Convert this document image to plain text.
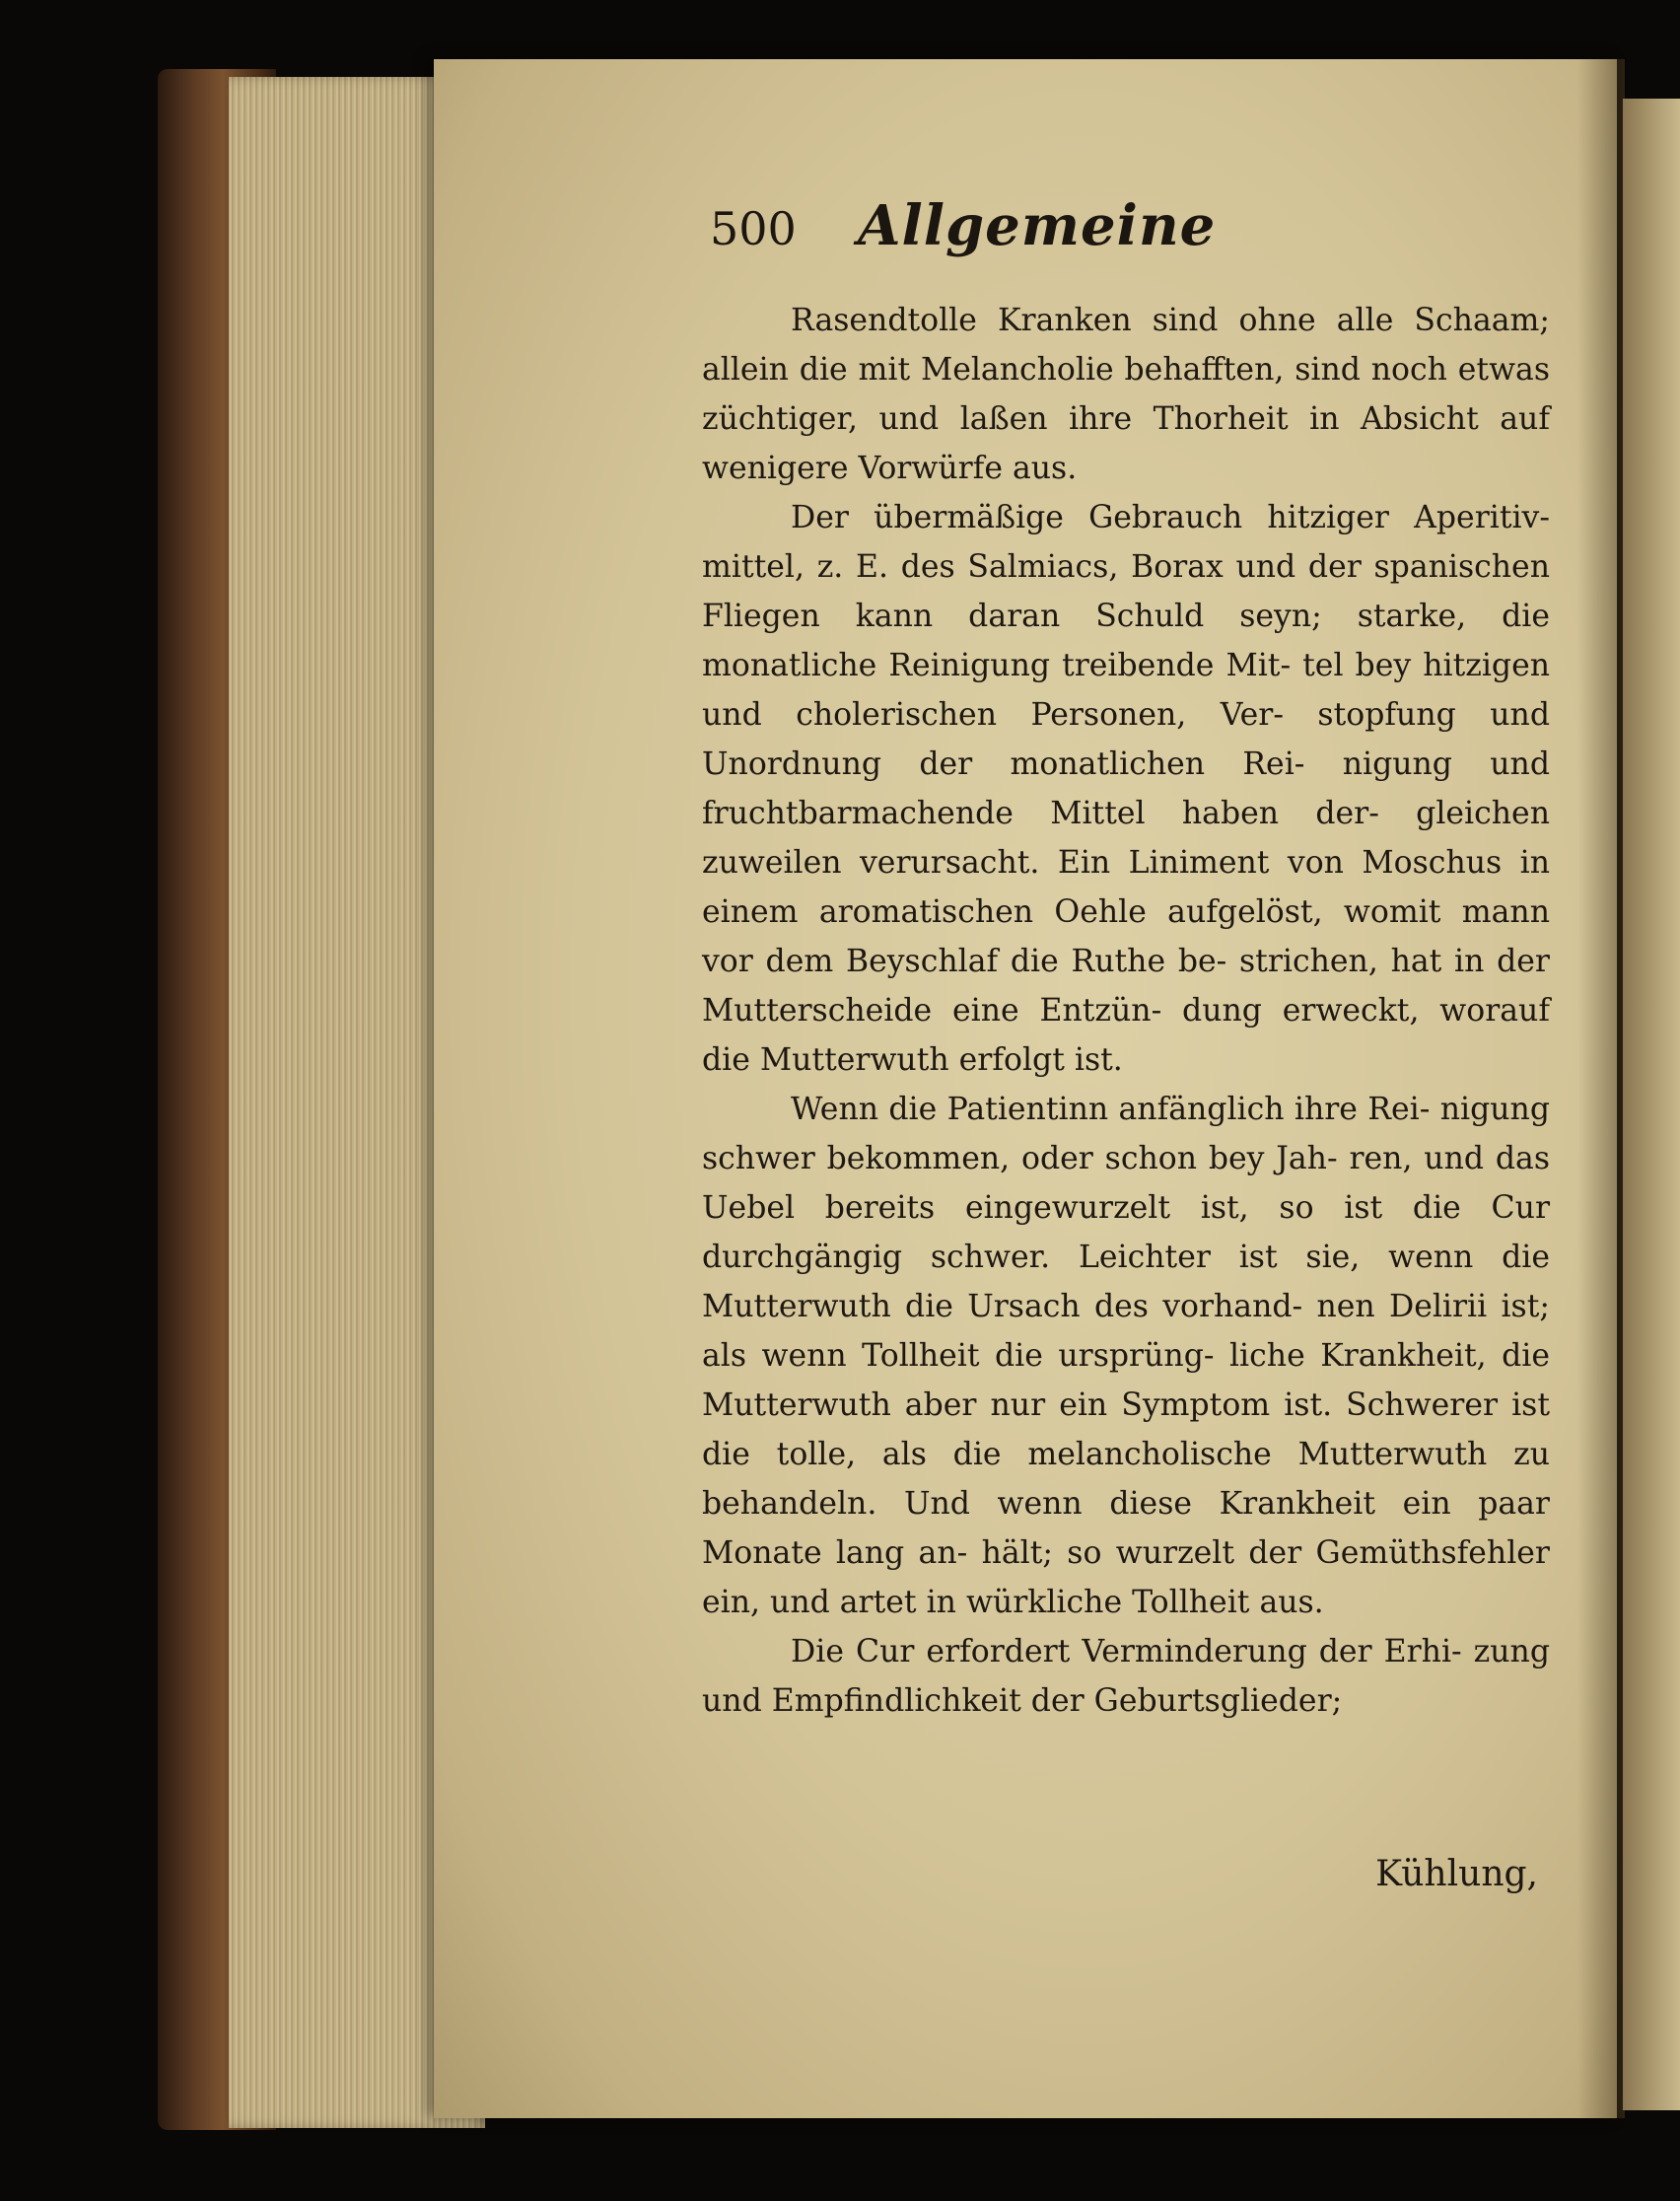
500	Allgemeine

Rasendtolle Kranken sind ohne alle Schaam; allein die mit Melancholie behafften, sind noch etwas züchtiger, und laßen ihre Thorheit in Absicht auf wenigere Vorwürfe aus.

Der übermäßige Gebrauch hitziger Aperitiv- mittel, z. E. des Salmiacs, Borax und der spanischen Fliegen kann daran Schuld seyn; starke, die monatliche Reinigung treibende Mit- tel bey hitzigen und cholerischen Personen, Ver- stopfung und Unordnung der monatlichen Rei- nigung und fruchtbarmachende Mittel haben der- gleichen zuweilen verursacht. Ein Liniment von Moschus in einem aromatischen Oehle aufgelöst, womit mann vor dem Beyschlaf die Ruthe be- strichen, hat in der Mutterscheide eine Entzün- dung erweckt, worauf die Mutterwuth erfolgt ist.

Wenn die Patientinn anfänglich ihre Rei- nigung schwer bekommen, oder schon bey Jah- ren, und das Uebel bereits eingewurzelt ist, so ist die Cur durchgängig schwer. Leichter ist sie, wenn die Mutterwuth die Ursach des vorhand- nen Delirii ist; als wenn Tollheit die ursprüng- liche Krankheit, die Mutterwuth aber nur ein Symptom ist. Schwerer ist die tolle, als die melancholische Mutterwuth zu behandeln. Und wenn diese Krankheit ein paar Monate lang an- hält; so wurzelt der Gemüthsfehler ein, und artet in würkliche Tollheit aus.

Die Cur erfordert Verminderung der Erhi- zung und Empfindlichkeit der Geburtsglieder;

Kühlung,
